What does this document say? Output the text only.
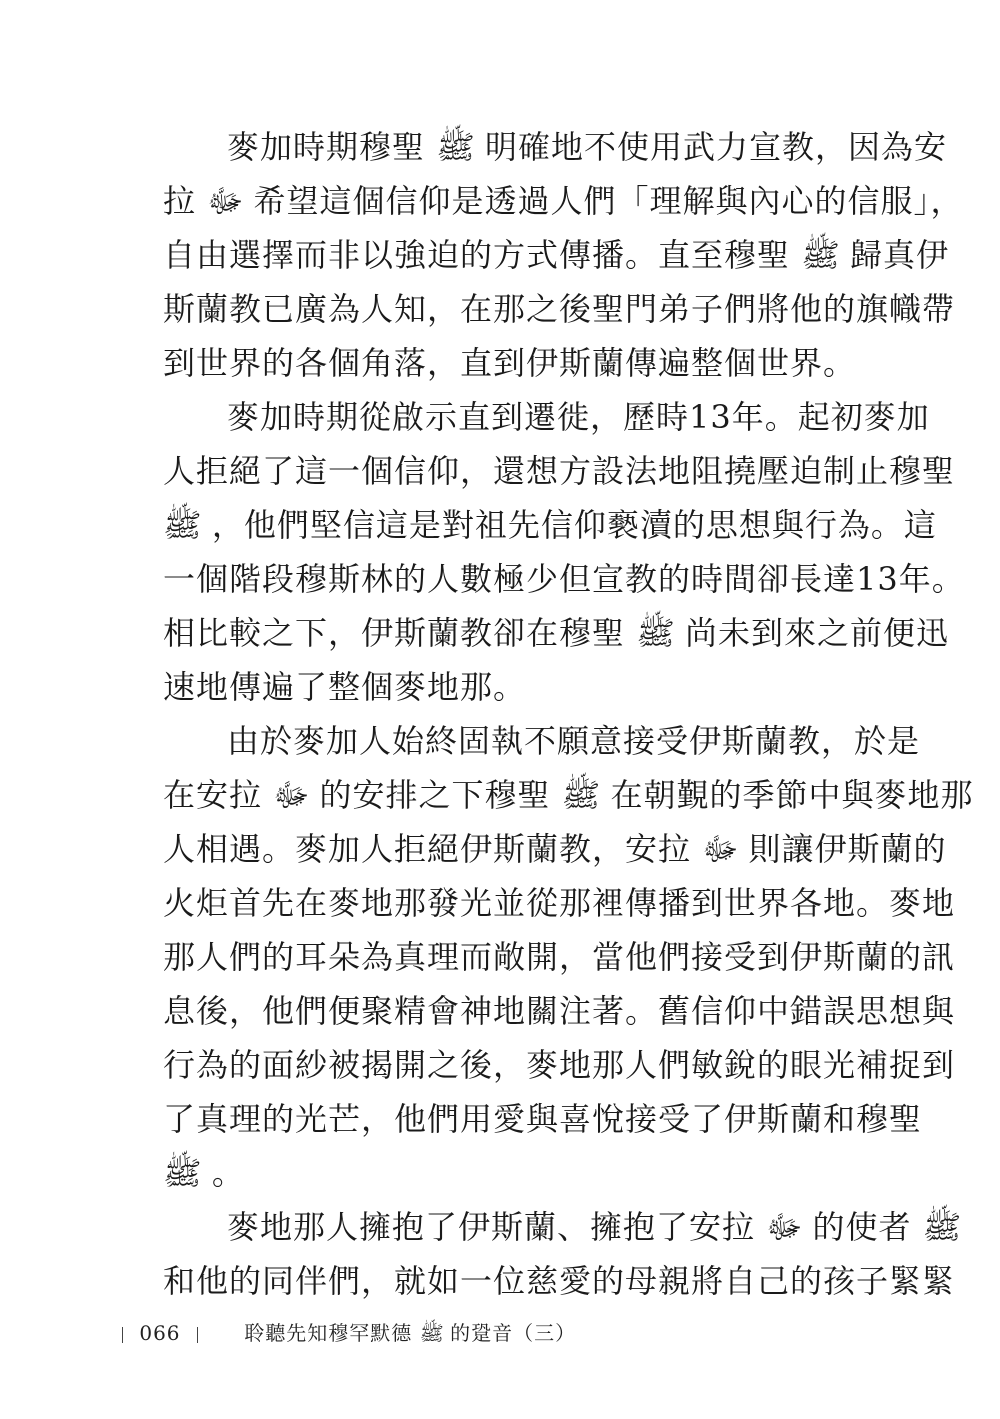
麥加時期穆聖 ﷺ 明確地不使用武力宣教，因為安
拉 ﷻ 希望這個信仰是透過人們「理解與內心的信服」，
自由選擇而非以強迫的方式傳播。直至穆聖 ﷺ 歸真伊
斯蘭教已廣為人知，在那之後聖門弟子們將他的旗幟帶
到世界的各個角落，直到伊斯蘭傳遍整個世界。
麥加時期從啟示直到遷徙，歷時13年。起初麥加
人拒絕了這一個信仰，還想方設法地阻撓壓迫制止穆聖
ﷺ ，他們堅信這是對祖先信仰褻瀆的思想與行為。這
一個階段穆斯林的人數極少但宣教的時間卻長達13年。
相比較之下，伊斯蘭教卻在穆聖 ﷺ 尚未到來之前便迅
速地傳遍了整個麥地那。
由於麥加人始終固執不願意接受伊斯蘭教，於是
在安拉 ﷻ 的安排之下穆聖 ﷺ 在朝覲的季節中與麥地那
人相遇。麥加人拒絕伊斯蘭教，安拉 ﷻ 則讓伊斯蘭的
火炬首先在麥地那發光並從那裡傳播到世界各地。麥地
那人們的耳朵為真理而敞開，當他們接受到伊斯蘭的訊
息後，他們便聚精會神地關注著。舊信仰中錯誤思想與
行為的面紗被揭開之後，麥地那人們敏銳的眼光補捉到
了真理的光芒，他們用愛與喜悅接受了伊斯蘭和穆聖
ﷺ 。
麥地那人擁抱了伊斯蘭、擁抱了安拉 ﷻ 的使者 ﷺ
和他的同伴們，就如一位慈愛的母親將自己的孩子緊緊
066	聆聽先知穆罕默德 ﷺ 的跫音（三）
